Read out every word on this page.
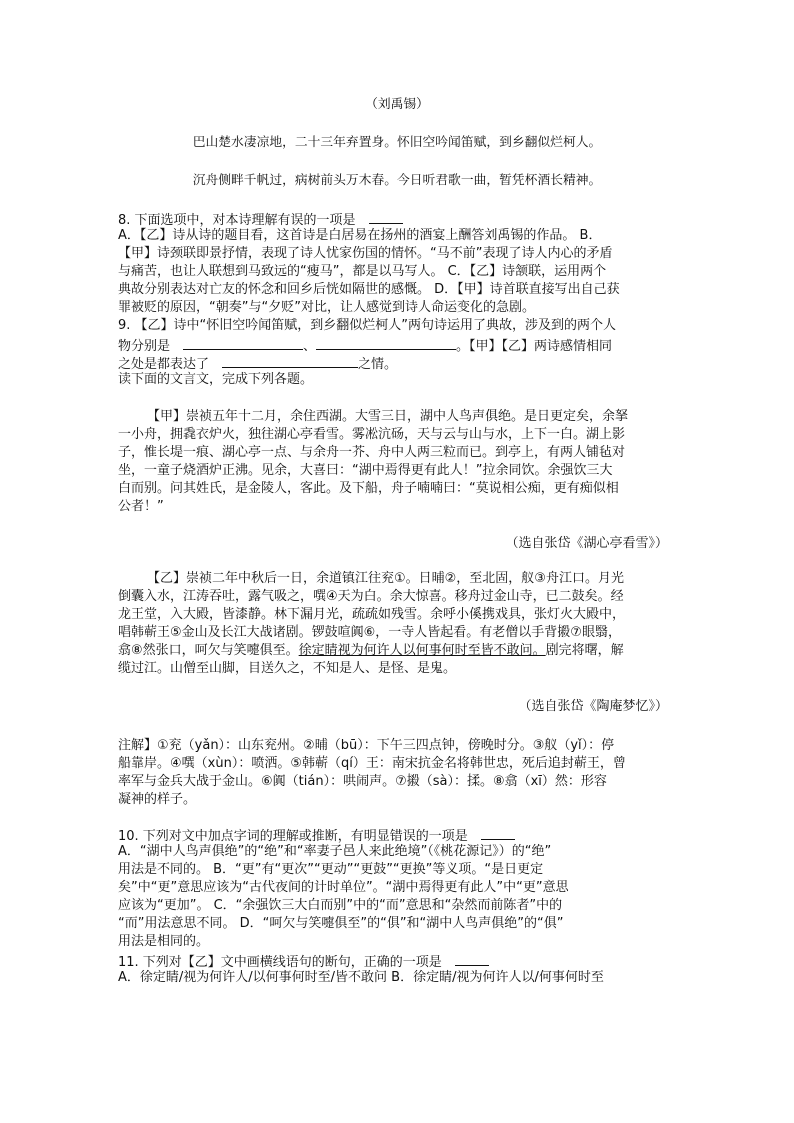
（刘禹锡）

巴山楚水凄凉地，二十三年弃置身。怀旧空吟闻笛赋，到乡翻似烂柯人。

沉舟侧畔千帆过，病树前头万木春。今日听君歌一曲，暂凭杯酒长精神。

8. 下面选项中，对本诗理解有误的一项是　
A．【乙】诗从诗的题目看，这首诗是白居易在扬州的酒宴上酬答刘禹锡的作品。 B．
【甲】诗颈联即景抒情，表现了诗人忧家伤国的情怀。“马不前”表现了诗人内心的矛盾
与痛苦，也让人联想到马致远的“瘦马”，都是以马写人。 C．【乙】诗颔联，运用两个
典故分别表达对亡友的怀念和回乡后恍如隔世的感慨。 D．【甲】诗首联直接写出自己获
罪被贬的原因，“朝奏”与“夕贬”对比，让人感觉到诗人命运变化的急剧。
9. 【乙】诗中“怀旧空吟闻笛赋，到乡翻似烂柯人”两句诗运用了典故，涉及到的两个人
物分别是　	、	。【甲】【乙】两诗感情相同
之处是都表达了　	之情。
读下面的文言文，完成下列各题。
【甲】崇祯五年十二月，余住西湖。大雪三日，湖中人鸟声俱绝。是日更定矣，余拏
一小舟，拥毳衣炉火，独往湖心亭看雪。雾凇沆砀，天与云与山与水，上下一白。湖上影
子，惟长堤一痕、湖心亭一点、与余舟一芥、舟中人两三粒而已。到亭上，有两人铺毡对
坐，一童子烧酒炉正沸。见余，大喜曰：“湖中焉得更有此人！”拉余同饮。余强饮三大
白而别。问其姓氏，是金陵人，客此。及下船，舟子喃喃曰：“莫说相公痴，更有痴似相
公者！”

（选自张岱《湖心亭看雪》）

【乙】崇祯二年中秋后一日，余道镇江往兖①。日晡②，至北固，舣③舟江口。月光
倒囊入水，江涛吞吐，露气吸之，噀④天为白。余大惊喜。移舟过金山寺，已二鼓矣。经
龙王堂，入大殿，皆漆静。林下漏月光，疏疏如残雪。余呼小傒携戏具，张灯火大殿中，
唱韩蕲王⑤金山及长江大战诸剧。锣鼓喧阗⑥，一寺人皆起看。有老僧以手背摋⑦眼翳，
翕⑧然张口，呵欠与笑嚏俱至。徐定睛视为何许人以何事何时至皆不敢问。剧完将曙，解
缆过江。山僧至山脚，目送久之，不知是人、是怪、是鬼。

（选自张岱《陶庵梦忆》）

注解】①兖（yǎn）：山东兖州。②晡（bū）：下午三四点钟，傍晚时分。③舣（yǐ）：停
船靠岸。④噀（xùn）：喷洒。⑤韩蕲（qí）王：南宋抗金名将韩世忠，死后追封蕲王，曾
率军与金兵大战于金山。⑥阗（tián）：哄闹声。⑦摋（sà）：揉。⑧翕（xī）然：形容
凝神的样子。
10. 下列对文中加点字词的理解或推断，有明显错误的一项是　
A．“湖中人鸟声俱绝”的“绝”和“率妻子邑人来此绝境”（《桃花源记》）的“绝”
用法是不同的。 B．“更”有“更次”“更动”“更鼓”“更换”等义项。“是日更定
矣”中“更”意思应该为“古代夜间的计时单位”。“湖中焉得更有此人”中“更”意思
应该为“更加”。 C．“余强饮三大白而别”中的“而”意思和“杂然而前陈者”中的
“而”用法意思不同。 D．“呵欠与笑嚏俱至”的“俱”和“湖中人鸟声俱绝”的“俱”
用法是相同的。
11. 下列对【乙】文中画横线语句的断句，正确的一项是　
A．徐定睛/视为何许人/以何事何时至/皆不敢问 B．徐定睛/视为何许人以/何事何时至
